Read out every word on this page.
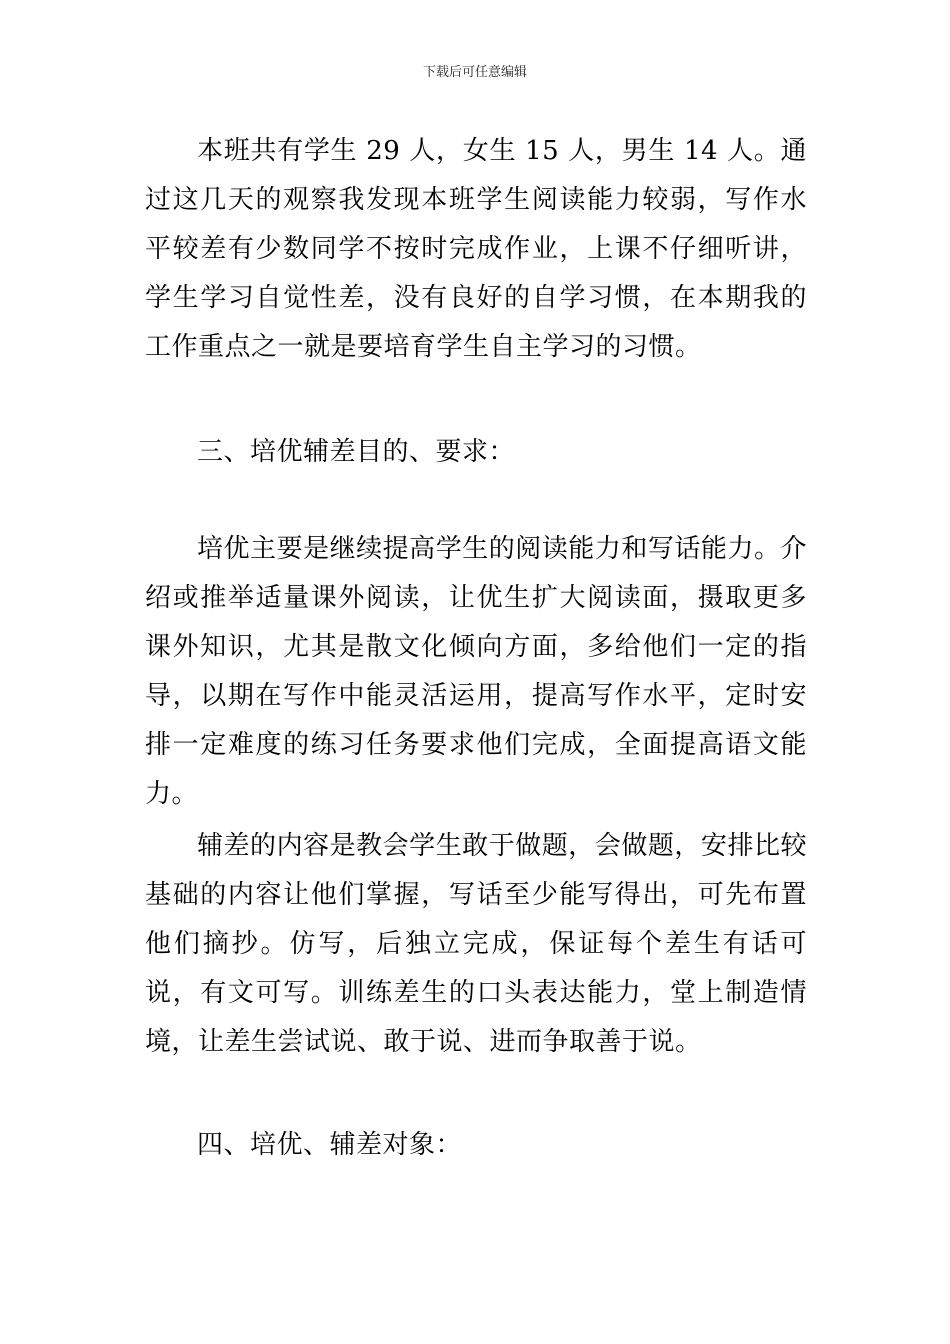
下载后可任意编辑

本班共有学生 29 人，女生 15 人，男生 14 人。通过这几天的观察我发现本班学生阅读能力较弱，写作水平较差有少数同学不按时完成作业，上课不仔细听讲，学生学习自觉性差，没有良好的自学习惯，在本期我的工作重点之一就是要培育学生自主学习的习惯。

三、培优辅差目的、要求：

培优主要是继续提高学生的阅读能力和写话能力。介绍或推举适量课外阅读，让优生扩大阅读面，摄取更多课外知识，尤其是散文化倾向方面，多给他们一定的指导，以期在写作中能灵活运用，提高写作水平，定时安排一定难度的练习任务要求他们完成，全面提高语文能力。

辅差的内容是教会学生敢于做题，会做题，安排比较基础的内容让他们掌握，写话至少能写得出，可先布置他们摘抄。仿写，后独立完成，保证每个差生有话可说，有文可写。训练差生的口头表达能力，堂上制造情境，让差生尝试说、敢于说、进而争取善于说。

四、培优、辅差对象：
